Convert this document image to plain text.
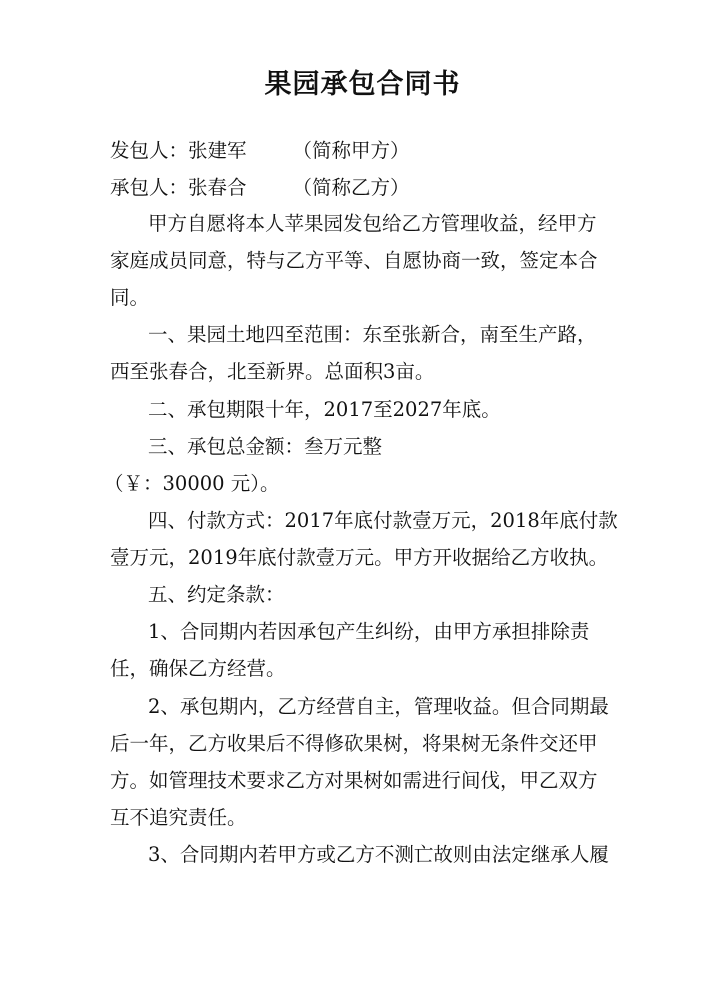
果园承包合同书
发包人：张建军 （简称甲方）
承包人：张春合 （简称乙方）
甲方自愿将本人苹果园发包给乙方管理收益，经甲方
家庭成员同意，特与乙方平等、自愿协商一致，签定本合
同。
一、果园土地四至范围：东至张新合，南至生产路，
西至张春合，北至新界。总面积3亩。
二、承包期限十年，2017至2027年底。
三、承包总金额：叁万元整
（￥：30000 元）。
四、付款方式：2017年底付款壹万元，2018年底付款
壹万元，2019年底付款壹万元。甲方开收据给乙方收执。
五、约定条款：
1、合同期内若因承包产生纠纷，由甲方承担排除责
任，确保乙方经营。
2、承包期内，乙方经营自主，管理收益。但合同期最
后一年，乙方收果后不得修砍果树，将果树无条件交还甲
方。如管理技术要求乙方对果树如需进行间伐，甲乙双方
互不追究责任。
3、合同期内若甲方或乙方不测亡故则由法定继承人履
